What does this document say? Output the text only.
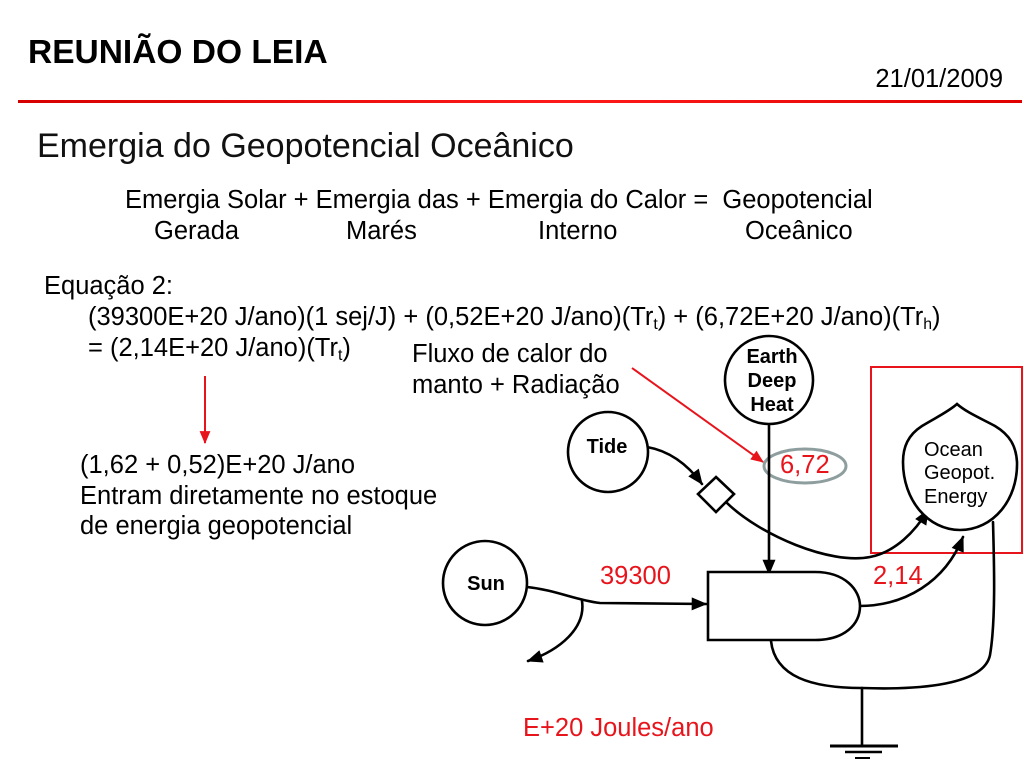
Earth
Deep
Heat
Tide
Sun
Ocean
Geopot.
Energy
REUNIÃO DO LEIA
21/01/2009
Emergia do Geopotencial Oceânico
Emergia Solar + Emergia das + Emergia do Calor =  Geopotencial
Gerada	Marés	Interno	Oceânico
Equação 2:
(39300E+20 J/ano)(1 sej/J) + (0,52E+20 $J/ano)(Tr_t) + (6,72E+20$ $J/ano)(Tr_h)$
= (2,14E+20 $J/ano)(Tr_t)$
(1,62 + 0,52)E+20 J/ano
Entram diretamente no estoque
de energia geopotencial
Fluxo de calor do
manto + Radiação
6,72
39300	2,14
E+20 Joules/ano
